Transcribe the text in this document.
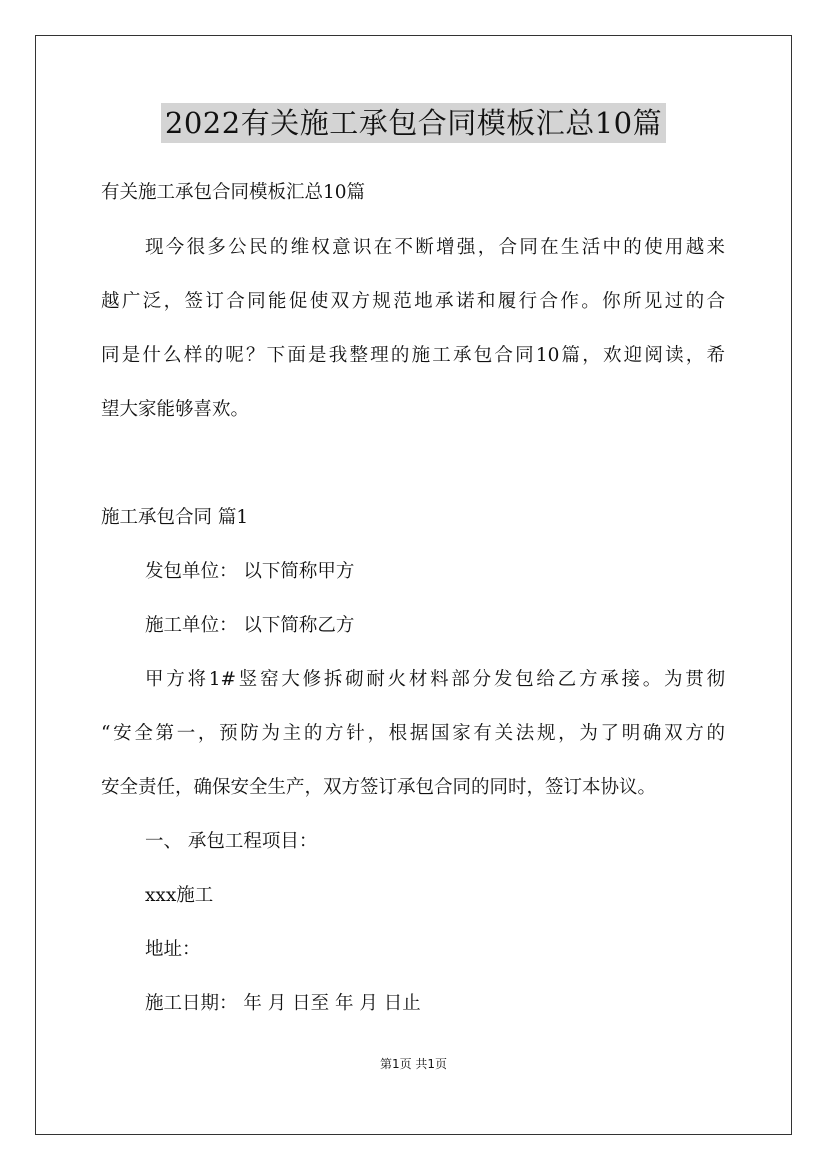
2022有关施工承包合同模板汇总10篇
有关施工承包合同模板汇总10篇
现今很多公民的维权意识在不断增强，合同在生活中的使用越来
越广泛，签订合同能促使双方规范地承诺和履行合作。你所见过的合
同是什么样的呢？下面是我整理的施工承包合同10篇，欢迎阅读，希
望大家能够喜欢。
施工承包合同 篇1
发包单位： 以下简称甲方
施工单位： 以下简称乙方
甲方将1#竖窑大修拆砌耐火材料部分发包给乙方承接。为贯彻
“安全第一，预防为主的方针，根据国家有关法规，为了明确双方的
安全责任，确保安全生产，双方签订承包合同的同时，签订本协议。
一、 承包工程项目：
xxx施工
地址：
施工日期： 年 月 日至 年 月 日止
第1页 共1页
